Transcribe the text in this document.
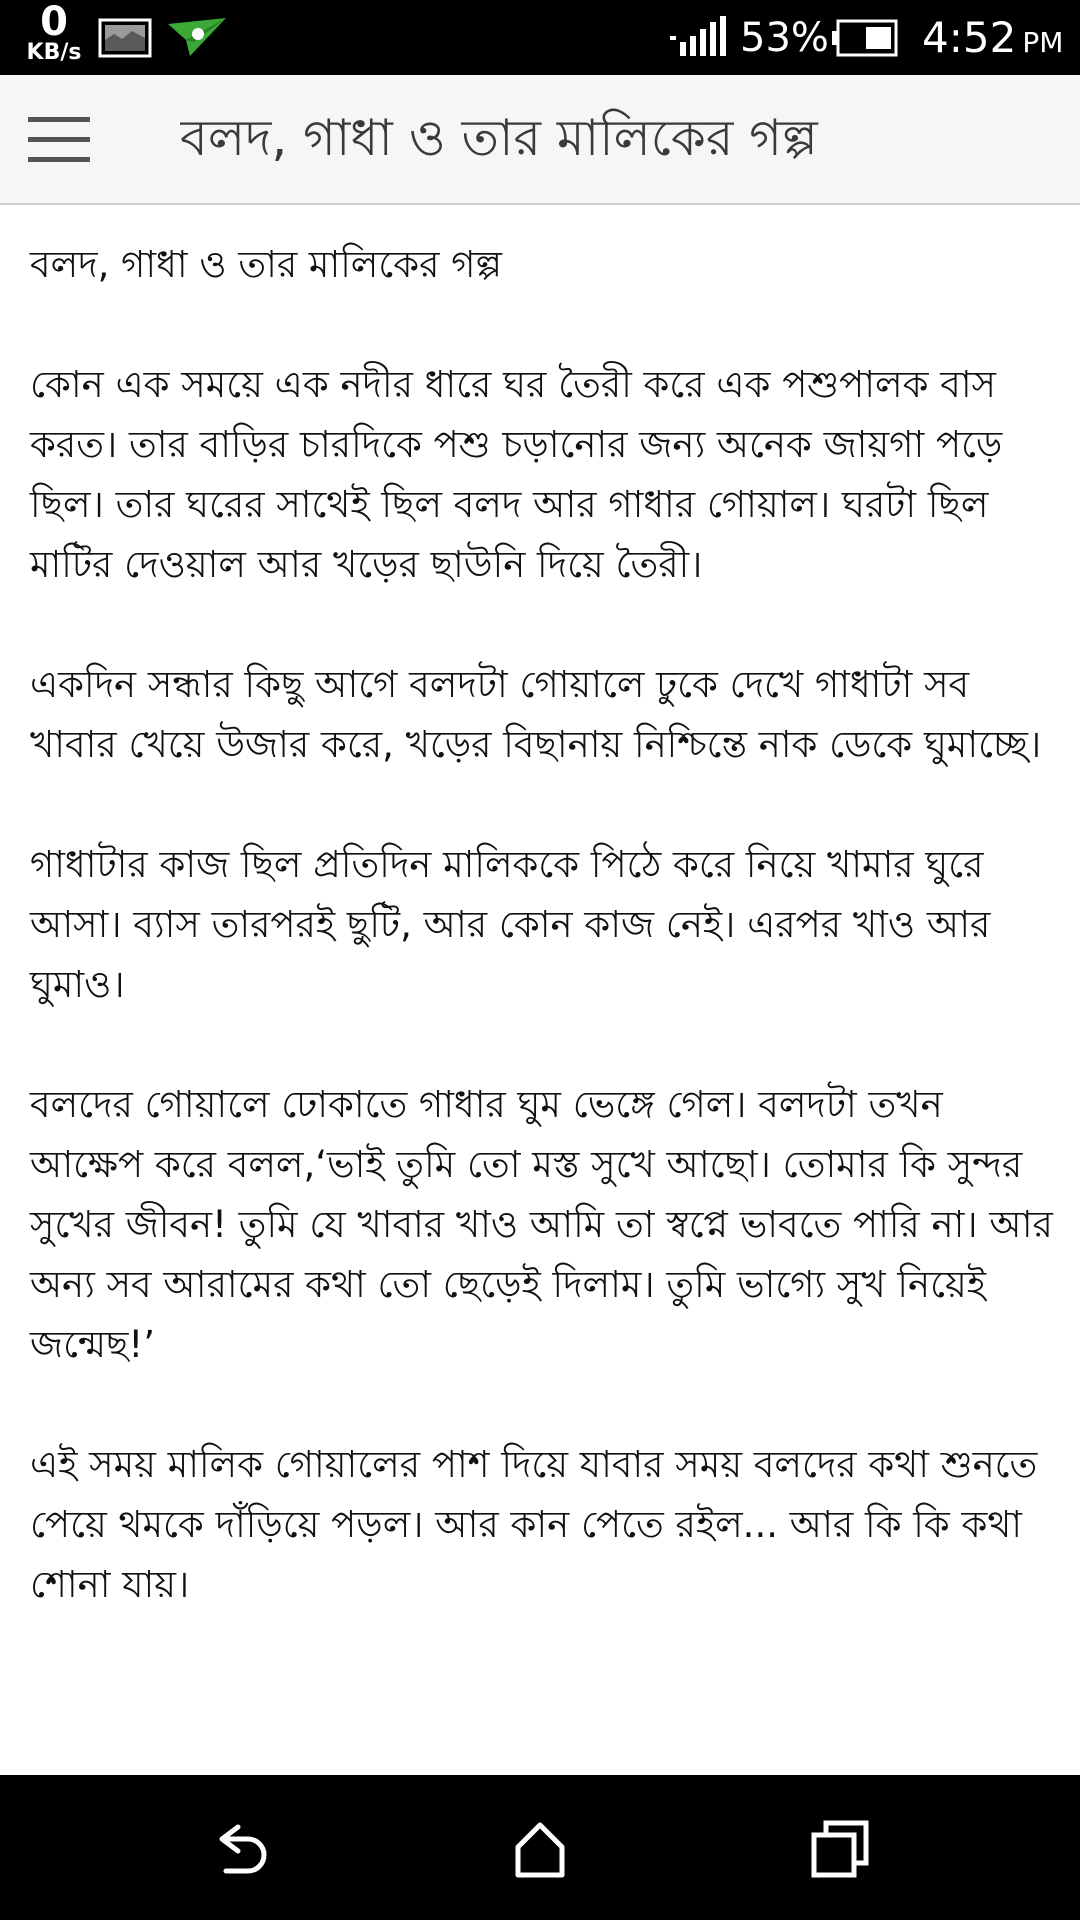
0
KB/s	53% 4:52 PM
বলদ, গাধা ও তার মালিকের গল্প

বলদ, গাধা ও তার মালিকের গল্প

কোন এক সময়ে এক নদীর ধারে ঘর তৈরী করে এক পশুপালক বাস করত। তার বাড়ির চারদিকে পশু চড়ানোর জন্য অনেক জায়গা পড়ে ছিল। তার ঘরের সাথেই ছিল বলদ আর গাধার গোয়াল। ঘরটা ছিল মাটির দেওয়াল আর খড়ের ছাউনি দিয়ে তৈরী।

একদিন সন্ধার কিছু আগে বলদটা গোয়ালে ঢুকে দেখে গাধাটা সব খাবার খেয়ে উজার করে, খড়ের বিছানায় নিশ্চিন্তে নাক ডেকে ঘুমাচ্ছে।

গাধাটার কাজ ছিল প্রতিদিন মালিককে পিঠে করে নিয়ে খামার ঘুরে আসা। ব্যাস তারপরই ছুটি, আর কোন কাজ নেই। এরপর খাও আর ঘুমাও।

বলদের গোয়ালে ঢোকাতে গাধার ঘুম ভেঙ্গে গেল। বলদটা তখন আক্ষেপ করে বলল,‘ভাই তুমি তো মস্ত সুখে আছো। তোমার কি সুন্দর সুখের জীবন! তুমি যে খাবার খাও আমি তা স্বপ্নে ভাবতে পারি না। আর অন্য সব আরামের কথা তো ছেড়েই দিলাম। তুমি ভাগ্যে সুখ নিয়েই জন্মেছ!’

এই সময় মালিক গোয়ালের পাশ দিয়ে যাবার সময় বলদের কথা শুনতে পেয়ে থমকে দাঁড়িয়ে পড়ল। আর কান পেতে রইল... আর কি কি কথা শোনা যায়।
